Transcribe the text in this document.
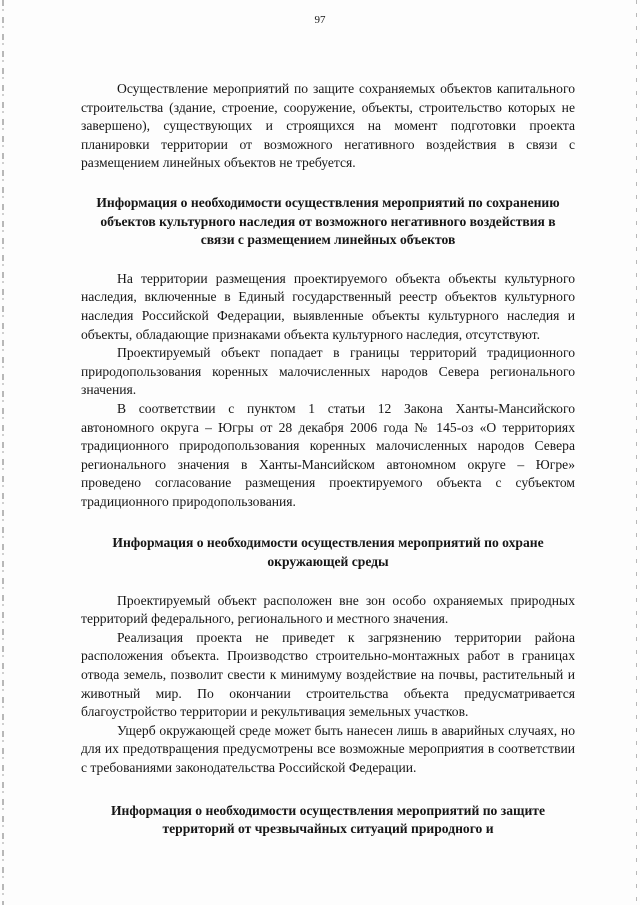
97

Осуществление мероприятий по защите сохраняемых объектов капитального строительства (здание, строение, сооружение, объекты, строительство которых не завершено), существующих и строящихся на момент подготовки проекта планировки территории от возможного негативного воздействия в связи с размещением линейных объектов не требуется.

Информация о необходимости осуществления мероприятий по сохранению объектов культурного наследия от возможного негативного воздействия в связи с размещением линейных объектов

На территории размещения проектируемого объекта объекты культурного наследия, включенные в Единый государственный реестр объектов культурного наследия Российской Федерации, выявленные объекты культурного наследия и объекты, обладающие признаками объекта культурного наследия, отсутствуют.

Проектируемый объект попадает в границы территорий традиционного природопользования коренных малочисленных народов Севера регионального значения.

В соответствии с пунктом 1 статьи 12 Закона Ханты-Мансийского автономного округа – Югры от 28 декабря 2006 года № 145-оз «О территориях традиционного природопользования коренных малочисленных народов Севера регионального значения в Ханты-Мансийском автономном округе – Югре» проведено согласование размещения проектируемого объекта с субъектом традиционного природопользования.

Информация о необходимости осуществления мероприятий по охране окружающей среды

Проектируемый объект расположен вне зон особо охраняемых природных территорий федерального, регионального и местного значения.

Реализация проекта не приведет к загрязнению территории района расположения объекта. Производство строительно-монтажных работ в границах отвода земель, позволит свести к минимуму воздействие на почвы, растительный и животный мир. По окончании строительства объекта предусматривается благоустройство территории и рекультивация земельных участков.

Ущерб окружающей среде может быть нанесен лишь в аварийных случаях, но для их предотвращения предусмотрены все возможные мероприятия в соответствии с требованиями законодательства Российской Федерации.

Информация о необходимости осуществления мероприятий по защите территорий от чрезвычайных ситуаций природного и
